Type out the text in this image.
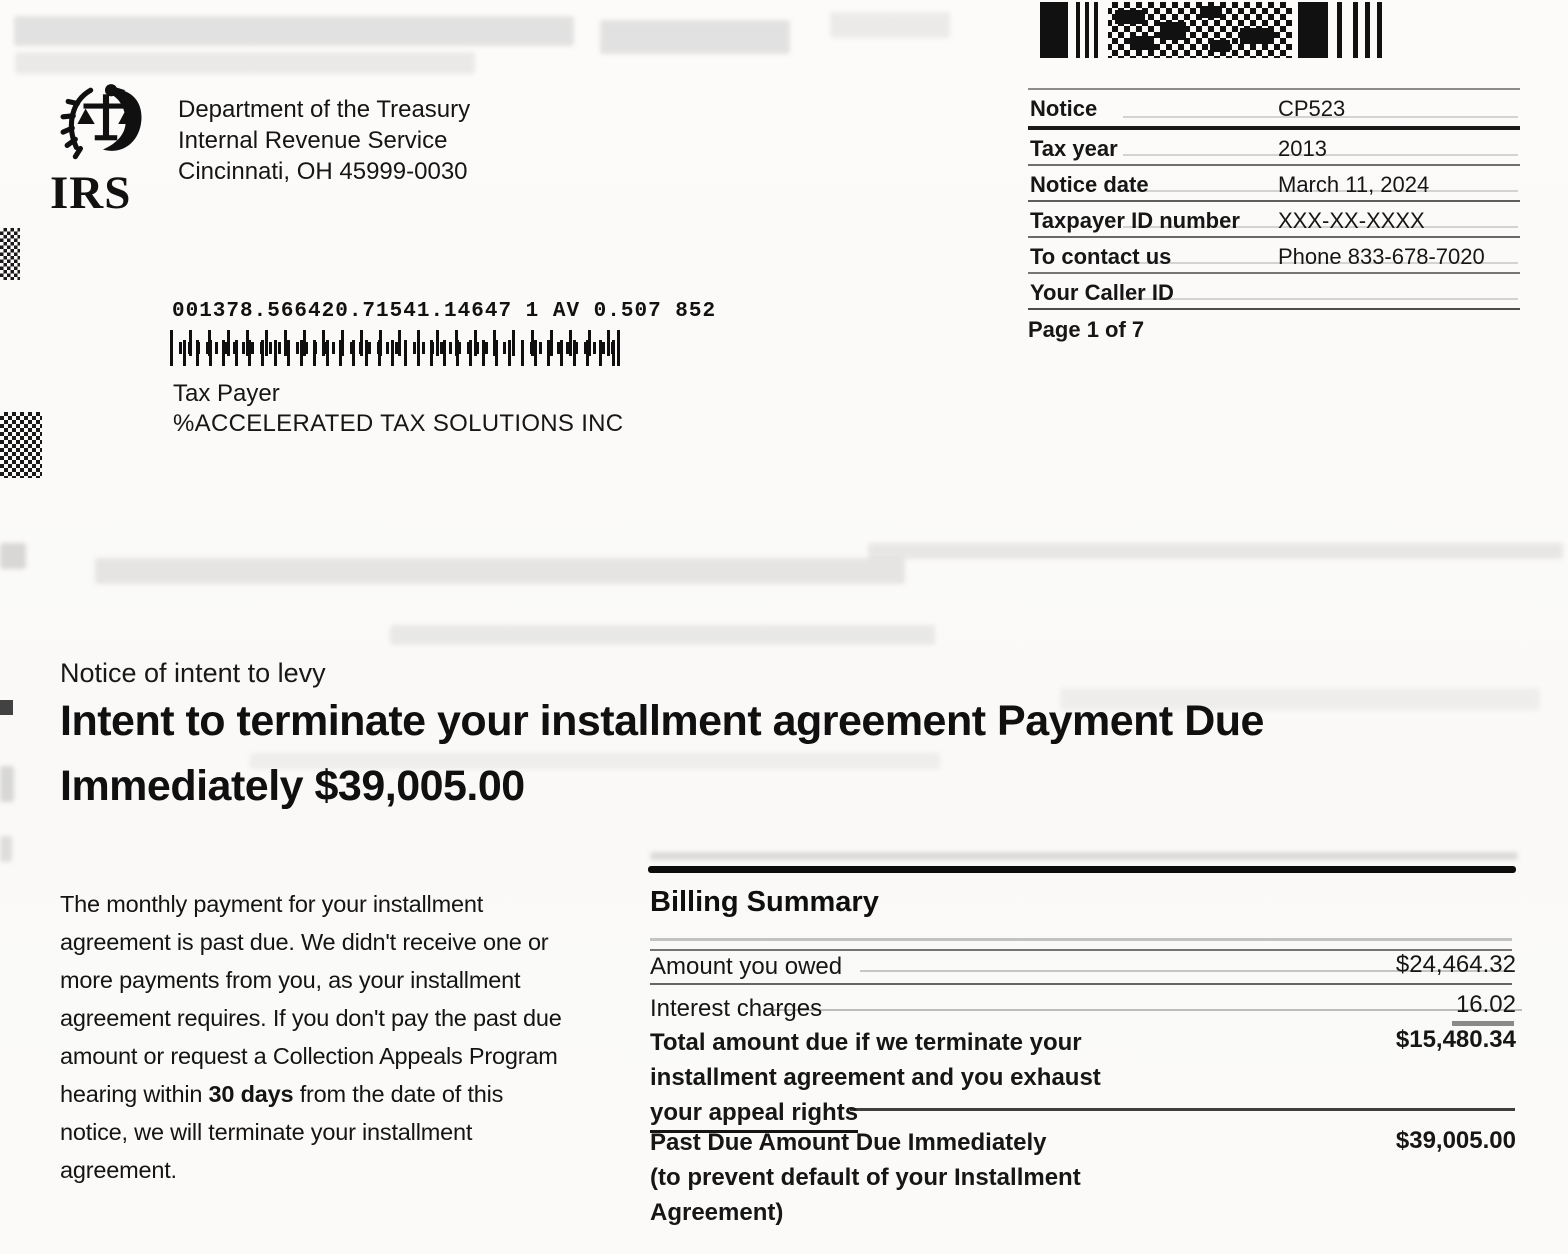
IRS
Department of the Treasury
Internal Revenue Service
Cincinnati, OH 45999-0030
Notice	CP523
Tax year	2013
Notice date	March 11, 2024
Taxpayer ID number XXX-XX-XXXX
To contact us	Phone 833-678-7020
Your Caller ID
Page 1 of 7
001378.566420.71541.14647 1 AV 0.507 852
Tax Payer
%ACCELERATED TAX SOLUTIONS INC
Notice of intent to levy
Intent to terminate your installment agreement Payment Due
Immediately $39,005.00
The monthly payment for your installment
agreement is past due. We didn't receive one or
more payments from you, as your installment
agreement requires. If you don't pay the past due
amount or request a Collection Appeals Program
hearing within 30 days from the date of this
notice, we will terminate your installment
agreement.
Billing Summary
Amount you owed	$24,464.32
Interest charges	16.02
Total amount due if we terminate your
installment agreement and you exhaust
your appeal rights
$15,480.34
Past Due Amount Due Immediately
(to prevent default of your Installment
Agreement)
$39,005.00
